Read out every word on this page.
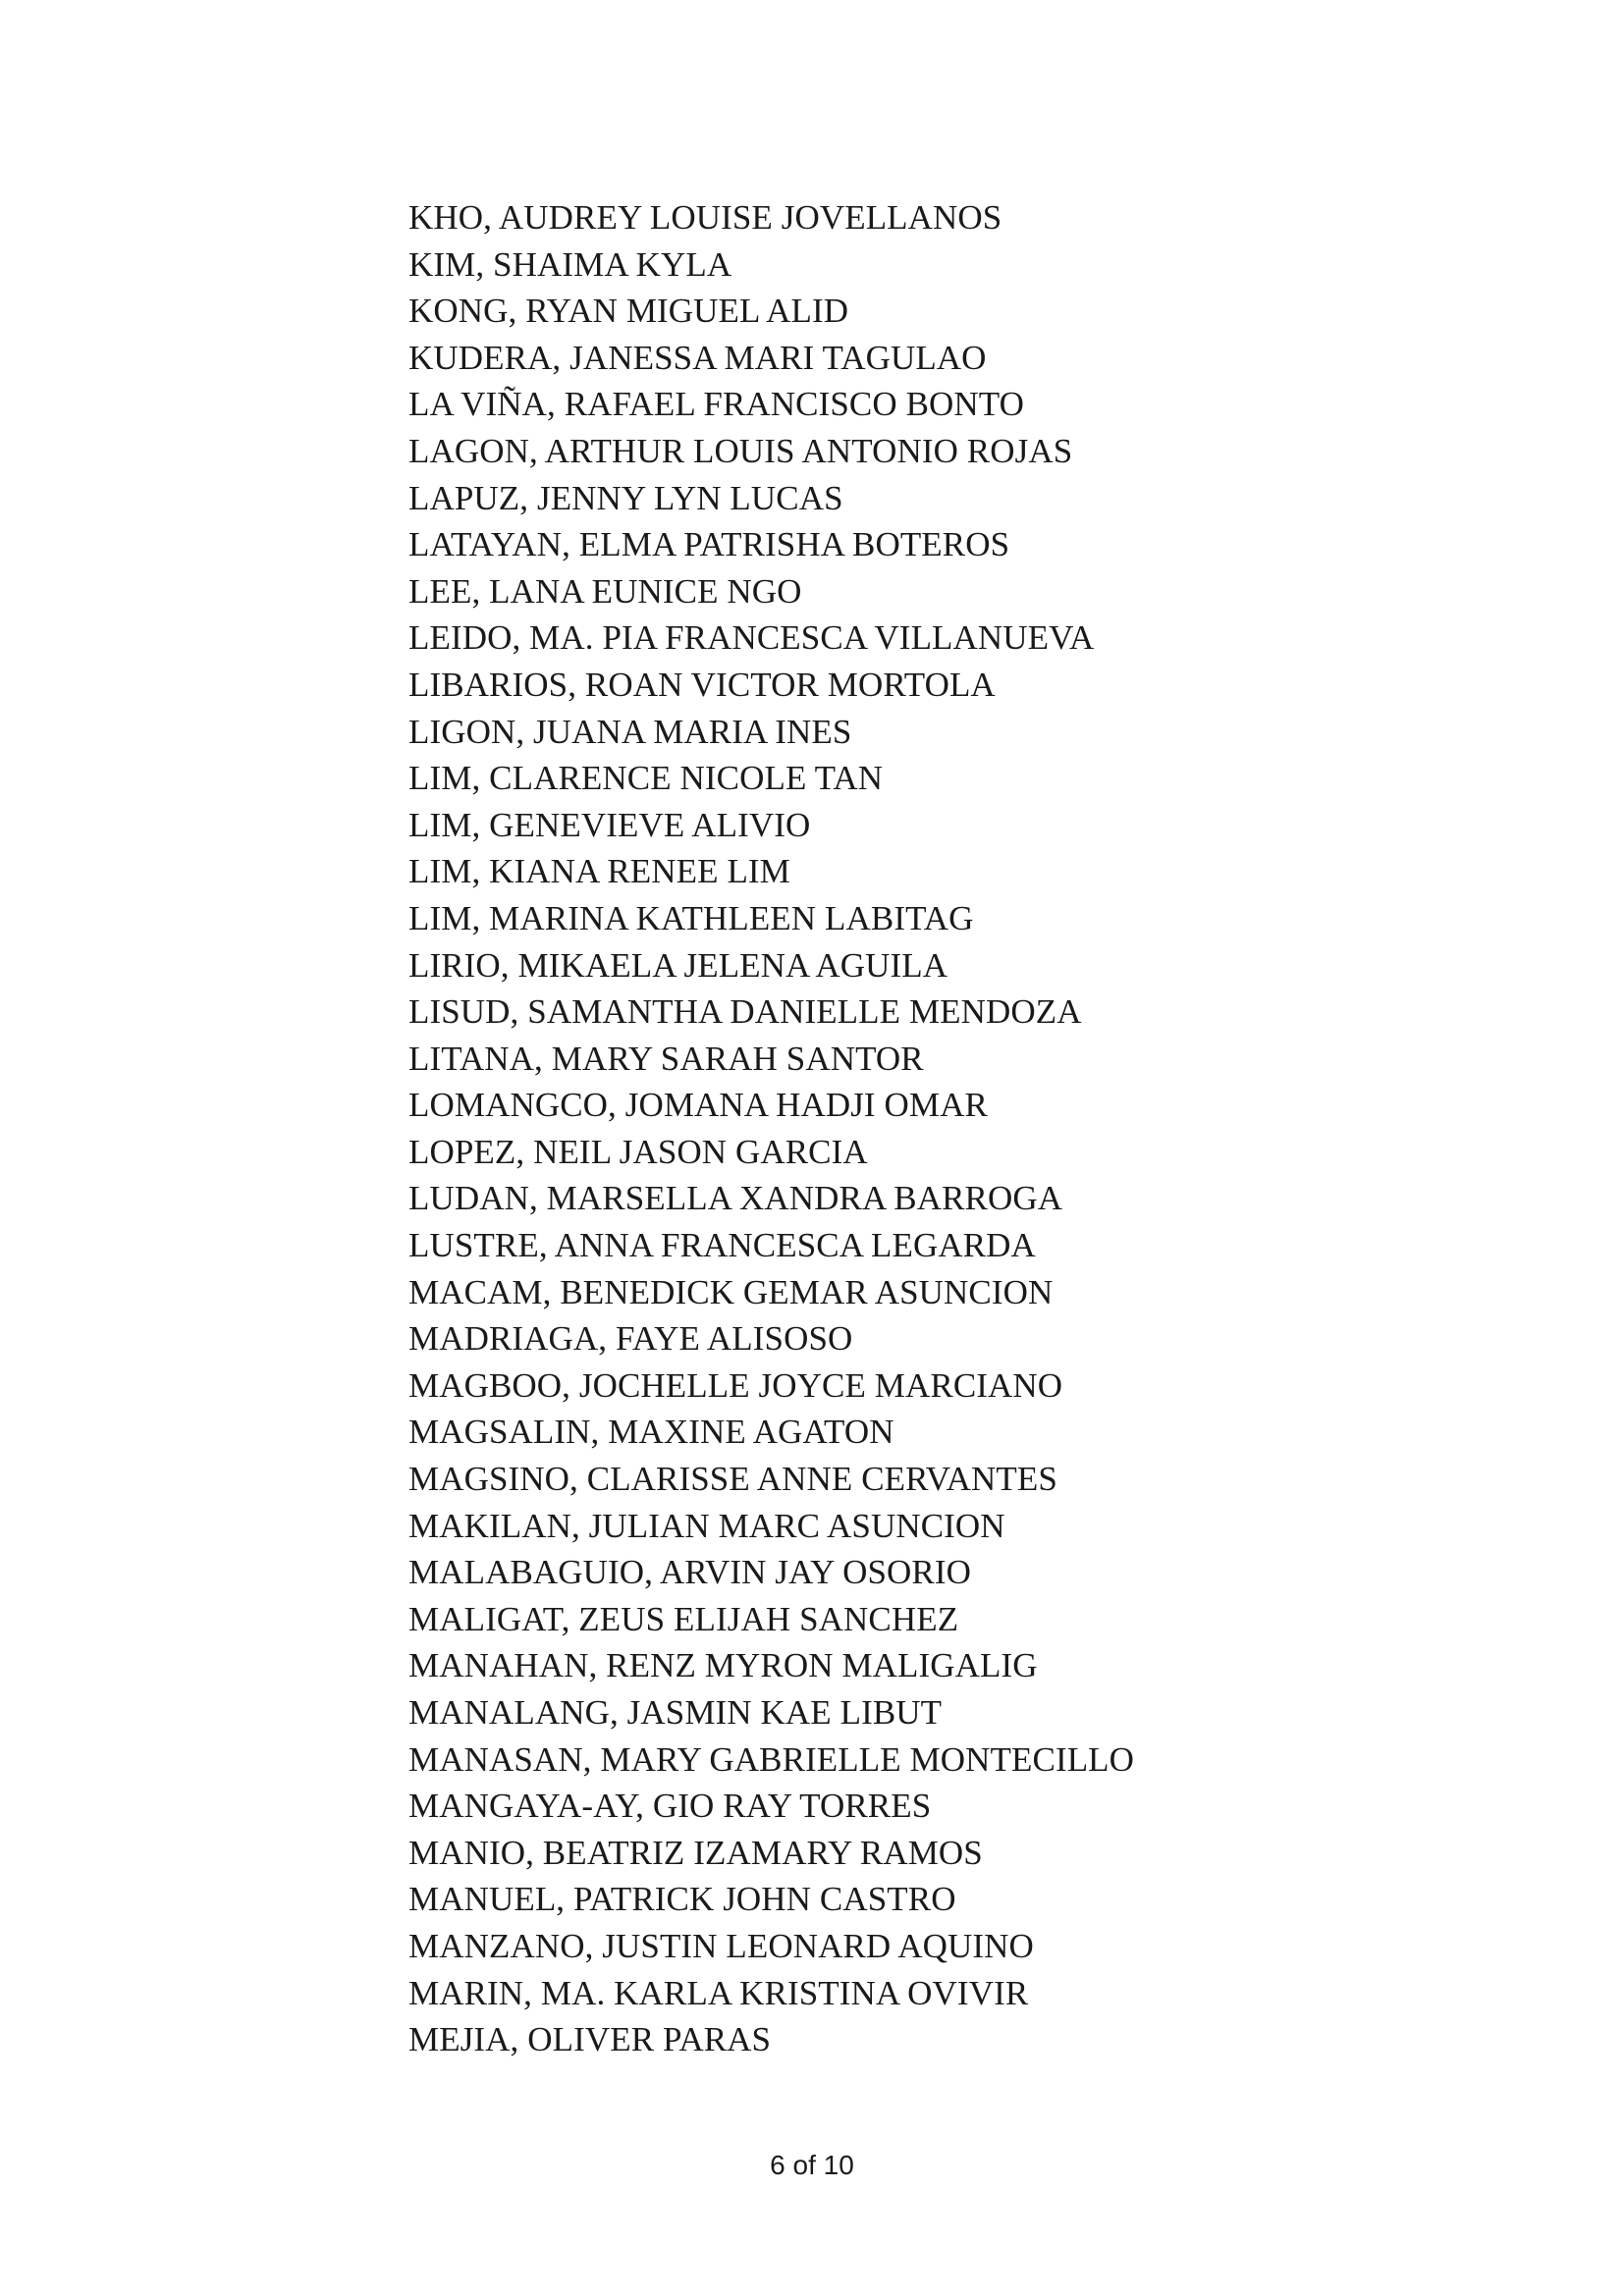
KHO, AUDREY LOUISE JOVELLANOS
KIM, SHAIMA KYLA
KONG, RYAN MIGUEL ALID
KUDERA, JANESSA MARI TAGULAO
LA VIÑA, RAFAEL FRANCISCO BONTO
LAGON, ARTHUR LOUIS ANTONIO ROJAS
LAPUZ, JENNY LYN LUCAS
LATAYAN, ELMA PATRISHA BOTEROS
LEE, LANA EUNICE NGO
LEIDO, MA. PIA FRANCESCA VILLANUEVA
LIBARIOS, ROAN VICTOR MORTOLA
LIGON, JUANA MARIA INES
LIM, CLARENCE NICOLE TAN
LIM, GENEVIEVE ALIVIO
LIM, KIANA RENEE LIM
LIM, MARINA KATHLEEN LABITAG
LIRIO, MIKAELA JELENA AGUILA
LISUD, SAMANTHA DANIELLE MENDOZA
LITANA, MARY SARAH SANTOR
LOMANGCO, JOMANA HADJI OMAR
LOPEZ, NEIL JASON GARCIA
LUDAN, MARSELLA XANDRA BARROGA
LUSTRE, ANNA FRANCESCA LEGARDA
MACAM, BENEDICK GEMAR ASUNCION
MADRIAGA, FAYE ALISOSO
MAGBOO, JOCHELLE JOYCE MARCIANO
MAGSALIN, MAXINE AGATON
MAGSINO, CLARISSE ANNE CERVANTES
MAKILAN, JULIAN MARC ASUNCION
MALABAGUIO, ARVIN JAY OSORIO
MALIGAT, ZEUS ELIJAH SANCHEZ
MANAHAN, RENZ MYRON MALIGALIG
MANALANG, JASMIN KAE LIBUT
MANASAN, MARY GABRIELLE MONTECILLO
MANGAYA-AY, GIO RAY TORRES
MANIO, BEATRIZ IZAMARY RAMOS
MANUEL, PATRICK JOHN CASTRO
MANZANO, JUSTIN LEONARD AQUINO
MARIN, MA. KARLA KRISTINA OVIVIR
MEJIA, OLIVER PARAS
6 of 10
